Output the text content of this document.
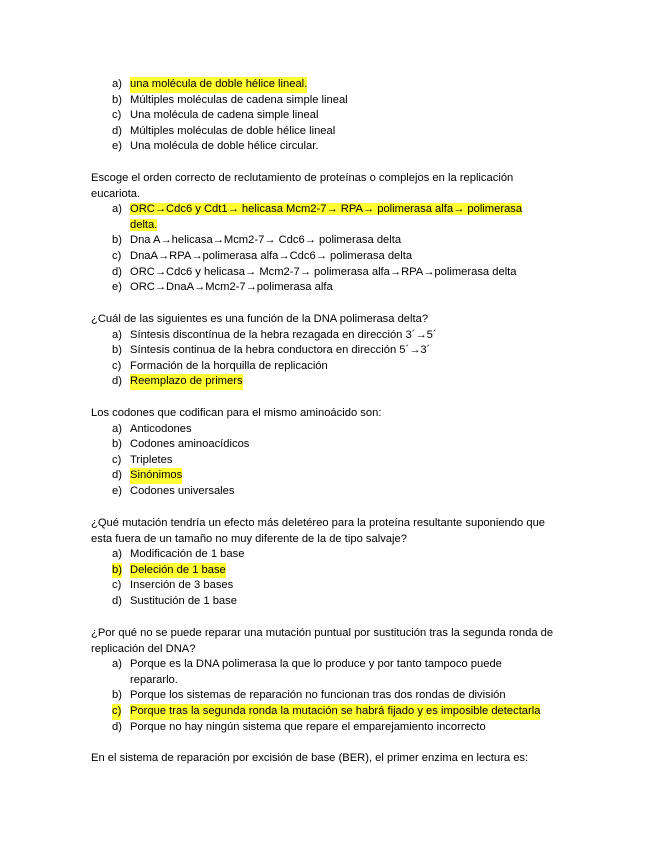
a) una molécula de doble hélice lineal.
b) Múltiples moléculas de cadena simple lineal
c) Una molécula de cadena simple lineal
d) Múltiples moléculas de doble hélice lineal
e) Una molécula de doble hélice circular.
Escoge el orden correcto de reclutamiento de proteínas o complejos en la replicación eucariota.
a) ORC→Cdc6 y Cdt1→ helicasa Mcm2-7→ RPA→ polimerasa alfa→ polimerasa delta.
b) Dna A→helicasa→Mcm2-7→ Cdc6→ polimerasa delta
c) DnaA→RPA→polimerasa alfa→Cdc6→ polimerasa delta
d) ORC→Cdc6 y helicasa→ Mcm2-7→ polimerasa alfa→RPA→polimerasa delta
e) ORC→DnaA→Mcm2-7→polimerasa alfa
¿Cuál de las siguientes es una función de la DNA polimerasa delta?
a) Síntesis discontínua de la hebra rezagada en dirección 3´→5´
b) Síntesis continua de la hebra conductora en dirección 5´→3´
c) Formación de la horquilla de replicación
d) Reemplazo de primers
Los codones que codifican para el mismo aminoácido son:
a) Anticodones
b) Codones aminoacídicos
c) Tripletes
d) Sinónimos
e) Codones universales
¿Qué mutación tendría un efecto más deletéreo para la proteína resultante suponiendo que esta fuera de un tamaño no muy diferente de la de tipo salvaje?
a) Modificación de 1 base
b) Deleción de 1 base
c) Inserción de 3 bases
d) Sustitución de 1 base
¿Por qué no se puede reparar una mutación puntual por sustitución tras la segunda ronda de replicación del DNA?
a) Porque es la DNA polimerasa la que lo produce y por tanto tampoco puede repararlo.
b) Porque los sistemas de reparación no funcionan tras dos rondas de división
c) Porque tras la segunda ronda la mutación se habrá fijado y es imposible detectarla
d) Porque no hay ningún sistema que repare el emparejamiento incorrecto
En el sistema de reparación por excisión de base (BER), el primer enzima en lectura es:
